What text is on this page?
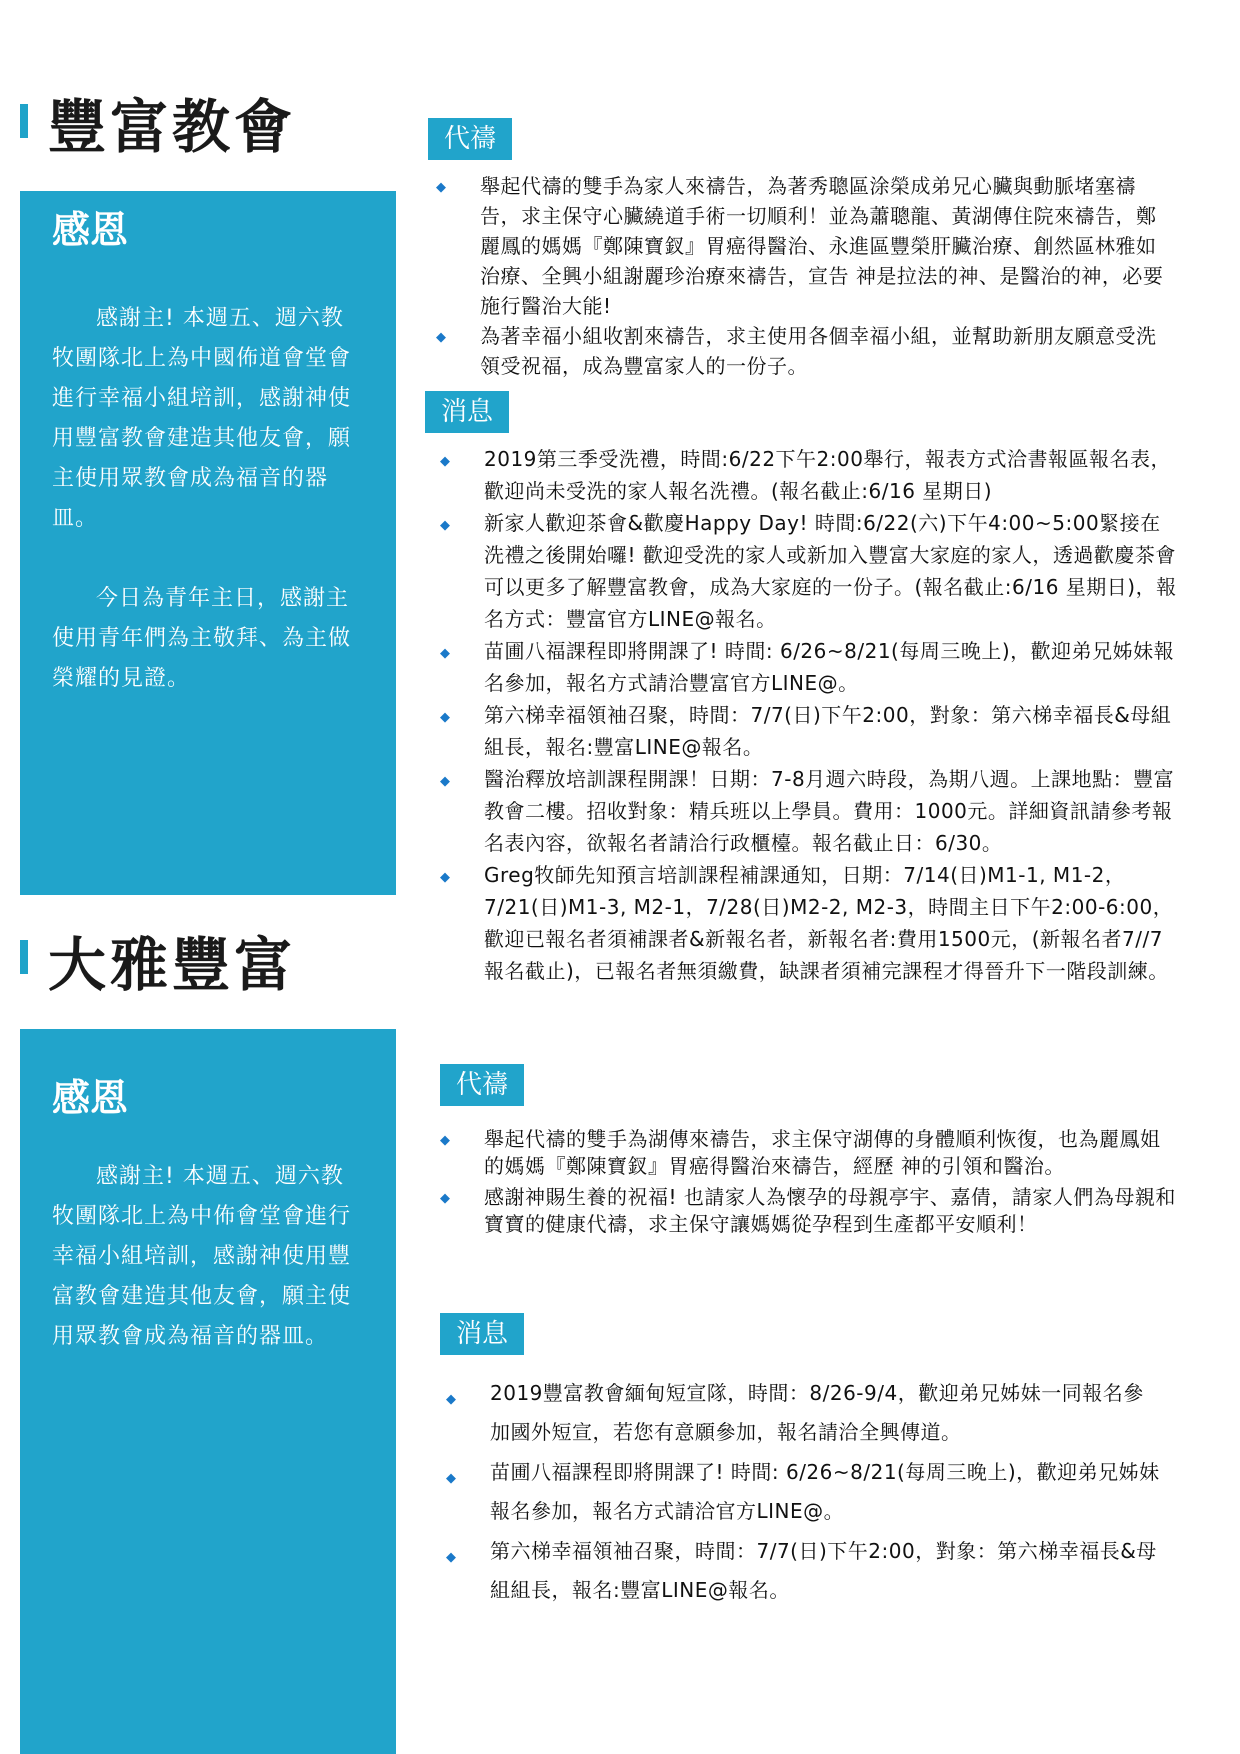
豐富教會
感恩

感謝主! 本週五、週六教牧團隊北上為中國佈道會堂會進行幸福小組培訓，感謝神使用豐富教會建造其他友會，願主使用眾教會成為福音的器皿。

今日為青年主日，感謝主使用青年們為主敬拜、為主做榮耀的見證。

代禱
◆ 舉起代禱的雙手為家人來禱告，為著秀聰區涂榮成弟兄心臟與動脈堵塞禱告，求主保守心臟繞道手術一切順利！並為蕭聰龍、黃湖傳住院來禱告，鄭麗鳳的媽媽『鄭陳寶釵』胃癌得醫治、永進區豐榮肝臟治療、創然區林雅如治療、全興小組謝麗珍治療來禱告，宣告 神是拉法的神、是醫治的神，必要施行醫治大能!
◆ 為著幸福小組收割來禱告，求主使用各個幸福小組，並幫助新朋友願意受洗領受祝福，成為豐富家人的一份子。
消息
◆ 2019第三季受洗禮，時間:6/22下午2:00舉行，報表方式洽書報區報名表，歡迎尚未受洗的家人報名洗禮。(報名截止:6/16 星期日)
◆ 新家人歡迎茶會&歡慶Happy Day! 時間:6/22(六)下午4:00~5:00緊接在洗禮之後開始囉! 歡迎受洗的家人或新加入豐富大家庭的家人，透過歡慶茶會可以更多了解豐富教會，成為大家庭的一份子。(報名截止:6/16 星期日)，報名方式：豐富官方LINE@報名。
◆ 苗圃八福課程即將開課了! 時間: 6/26~8/21(每周三晚上)，歡迎弟兄姊妹報名參加，報名方式請洽豐富官方LINE@。
◆ 第六梯幸福領袖召聚，時間：7/7(日)下午2:00，對象：第六梯幸福長&母組組長，報名:豐富LINE@報名。
◆ 醫治釋放培訓課程開課！日期：7-8月週六時段，為期八週。上課地點：豐富教會二樓。招收對象：精兵班以上學員。費用：1000元。詳細資訊請參考報名表內容，欲報名者請洽行政櫃檯。報名截止日：6/30。
◆ Greg牧師先知預言培訓課程補課通知，日期：7/14(日)M1-1, M1-2，7/21(日)M1-3, M2-1，7/28(日)M2-2, M2-3，時間主日下午2:00-6:00，歡迎已報名者須補課者&新報名者，新報名者:費用1500元，(新報名者7//7報名截止)，已報名者無須繳費，缺課者須補完課程才得晉升下一階段訓練。
大雅豐富
感恩

感謝主! 本週五、週六教牧團隊北上為中佈會堂會進行幸福小組培訓，感謝神使用豐富教會建造其他友會，願主使用眾教會成為福音的器皿。

代禱
◆ 舉起代禱的雙手為湖傳來禱告，求主保守湖傳的身體順利恢復，也為麗鳳姐的媽媽『鄭陳寶釵』胃癌得醫治來禱告，經歷 神的引領和醫治。
◆ 感謝神賜生養的祝福! 也請家人為懷孕的母親亭宇、嘉倩，請家人們為母親和寶寶的健康代禱，求主保守讓媽媽從孕程到生產都平安順利！
消息
◆ 2019豐富教會緬甸短宣隊，時間：8/26-9/4，歡迎弟兄姊妹一同報名參加國外短宣，若您有意願參加，報名請洽全興傳道。
◆ 苗圃八福課程即將開課了! 時間: 6/26~8/21(每周三晚上)，歡迎弟兄姊妹報名參加，報名方式請洽官方LINE@。
◆ 第六梯幸福領袖召聚，時間：7/7(日)下午2:00，對象：第六梯幸福長&母組組長，報名:豐富LINE@報名。
